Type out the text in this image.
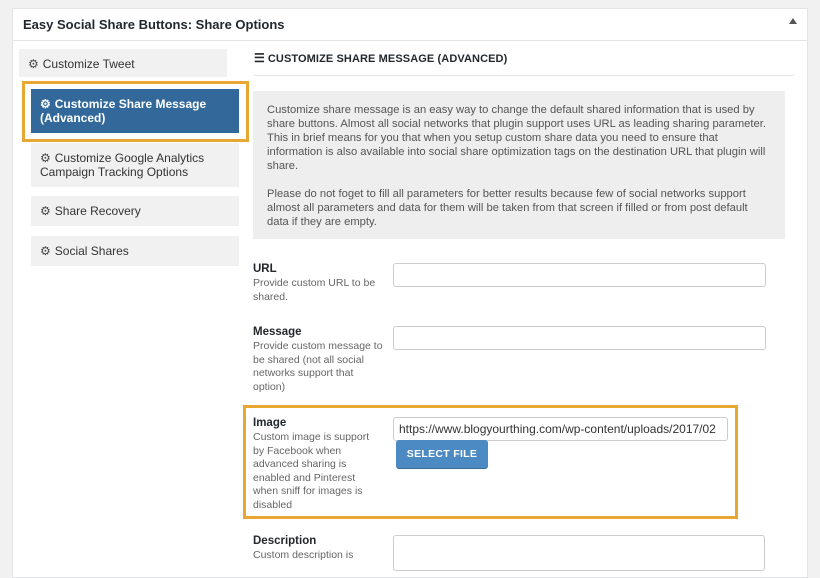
Easy Social Share Buttons: Share Options
⚙ Customize Tweet
⚙ Customize Share Message (Advanced)
⚙ Customize Google Analytics Campaign Tracking Options
⚙ Share Recovery
⚙ Social Shares
☰ CUSTOMIZE SHARE MESSAGE (ADVANCED)

Customize share message is an easy way to change the default shared information that is used by share buttons. Almost all social networks that plugin support uses URL as leading sharing parameter. This in brief means for you that when you setup custom share data you need to ensure that information is also available into social share optimization tags on the destination URL that plugin will share.

Please do not foget to fill all parameters for better results because few of social networks support almost all parameters and data for them will be taken from that screen if filled or from post default data if they are empty.

URL
Provide custom URL to be shared.
Message
Provide custom message to be shared (not all social networks support that option)
Image
Custom image is support by Facebook when advanced sharing is enabled and Pinterest when sniff for images is disabled
https://www.blogyourthing.com/wp-content/uploads/2017/02
SELECT FILE
Description
Custom description is
